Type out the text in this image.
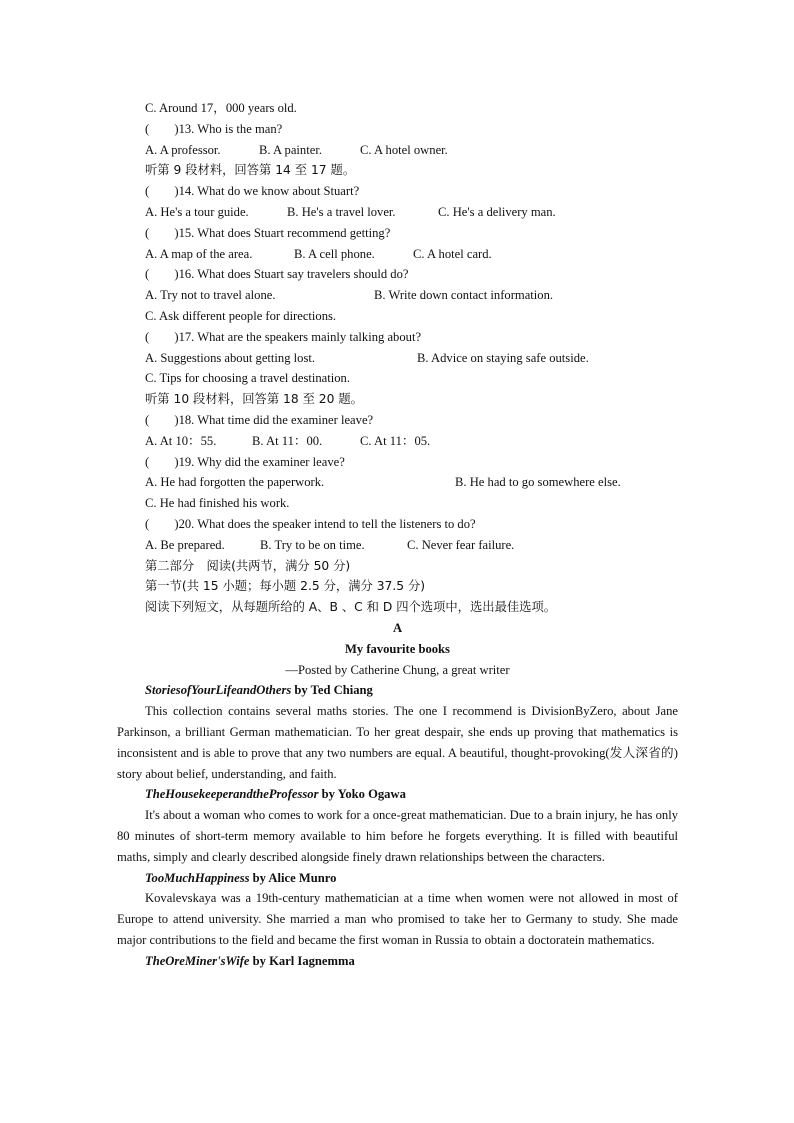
C. Around 17，000 years old.
(　　)13. Who is the man?
A. A professor.	B. A painter.	C. A hotel owner.
听第 9 段材料，回答第 14 至 17 题。
(　　)14. What do we know about Stuart?
A. He's a tour guide.	B. He's a travel lover.	C. He's a delivery man.
(　　)15. What does Stuart recommend getting?
A. A map of the area.	B. A cell phone.	C. A hotel card.
(　　)16. What does Stuart say travelers should do?
A. Try not to travel alone.	B. Write down contact information.
C. Ask different people for directions.
(　　)17. What are the speakers mainly talking about?
A. Suggestions about getting lost.	B. Advice on staying safe outside.
C. Tips for choosing a travel destination.
听第 10 段材料，回答第 18 至 20 题。
(　　)18. What time did the examiner leave?
A. At 10：55.	B. At 11：00.	C. At 11：05.
(　　)19. Why did the examiner leave?
A. He had forgotten the paperwork.	B. He had to go somewhere else.
C. He had finished his work.
(　　)20. What does the speaker intend to tell the listeners to do?
A. Be prepared.	B. Try to be on time.	C. Never fear failure.
第二部分　阅读(共两节，满分 50 分)
第一节(共 15 小题；每小题 2.5 分，满分 37.5 分)
阅读下列短文，从每题所给的 A、B 、C 和 D 四个选项中，选出最佳选项。
A
My favourite books
—Posted by Catherine Chung, a great writer
StoriesofYourLifeandOthers by Ted Chiang

This collection contains several maths stories. The one I recommend is DivisionByZero, about Jane Parkinson, a brilliant German mathematician. To her great despair, she ends up proving that mathematics is inconsistent and is able to prove that any two numbers are equal. A beautiful, thought-provoking(发人深省的) story about belief, understanding, and faith.

TheHousekeeperandtheProfessor by Yoko Ogawa

It's about a woman who comes to work for a once-great mathematician. Due to a brain injury, he has only 80 minutes of short-term memory available to him before he forgets everything. It is filled with beautiful maths, simply and clearly described alongside finely drawn relationships between the characters.

TooMuchHappiness by Alice Munro

Kovalevskaya was a 19th-century mathematician at a time when women were not allowed in most of Europe to attend university. She married a man who promised to take her to Germany to study. She made major contributions to the field and became the first woman in Russia to obtain a doctoratein mathematics.

TheOreMiner'sWife by Karl Iagnemma
